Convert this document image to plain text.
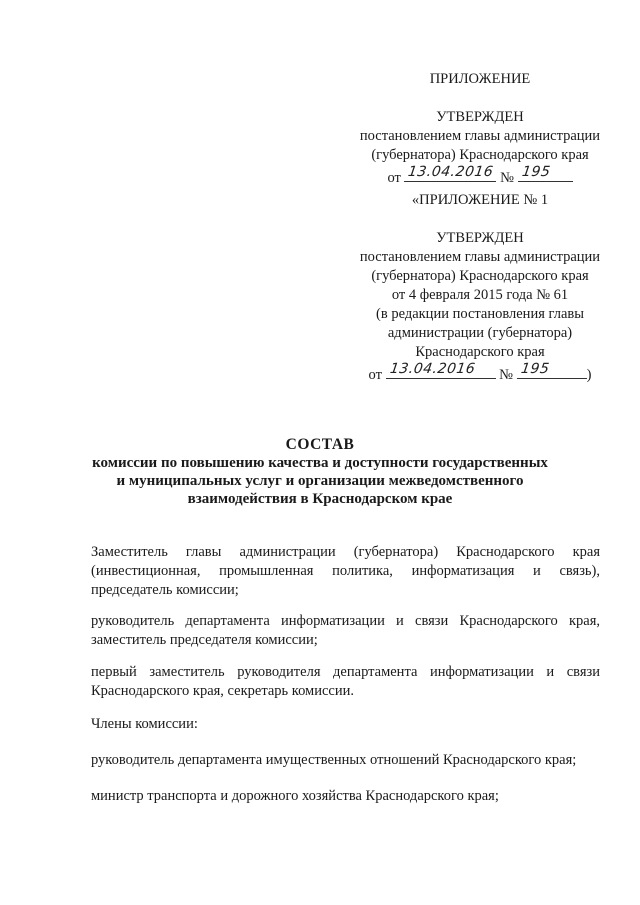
ПРИЛОЖЕНИЕ
УТВЕРЖДЕН
постановлением главы администрации
(губернатора) Краснодарского края
от 13.04.2016 № 195
«ПРИЛОЖЕНИЕ № 1
УТВЕРЖДЕН
постановлением главы администрации
(губернатора) Краснодарского края
от 4 февраля 2015 года № 61
(в редакции постановления главы
администрации (губернатора)
Краснодарского края
от 13.04.2016 № 195	)
СОСТАВ
комиссии по повышению качества и доступности государственных
и муниципальных услуг и организации межведомственного
взаимодействия в Краснодарском крае
Заместитель главы администрации (губернатора) Краснодарского края (инвестиционная, промышленная политика, информатизация и связь), председатель комиссии;
руководитель департамента информатизации и связи Краснодарского края, заместитель председателя комиссии;
первый заместитель руководителя департамента информатизации и связи Краснодарского края, секретарь комиссии.
Члены комиссии:
руководитель департамента имущественных отношений Краснодарского края;
министр транспорта и дорожного хозяйства Краснодарского края;
